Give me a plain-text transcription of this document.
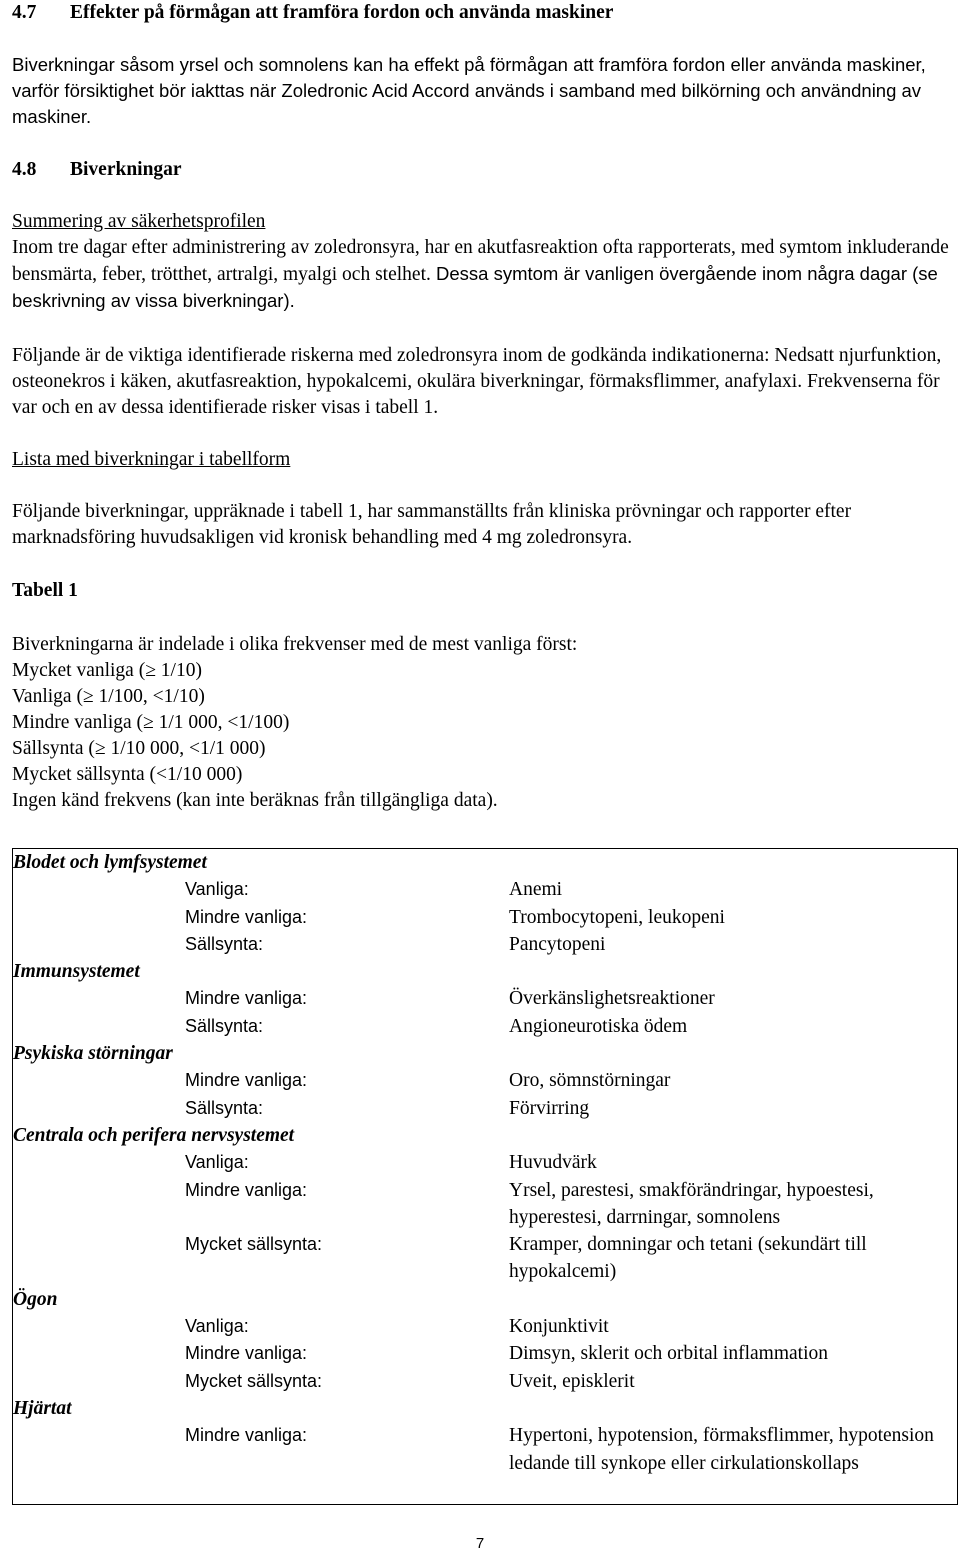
4.7 Effekter på förmågan att framföra fordon och använda maskiner

Biverkningar såsom yrsel och somnolens kan ha effekt på förmågan att framföra fordon eller använda maskiner, varför försiktighet bör iakttas när Zoledronic Acid Accord används i samband med bilkörning och användning av maskiner.

4.8 Biverkningar

Summering av säkerhetsprofilen

Inom tre dagar efter administrering av zoledronsyra, har en akutfasreaktion ofta rapporterats, med symtom inkluderande bensmärta, feber, trötthet, artralgi, myalgi och stelhet. Dessa symtom är vanligen övergående inom några dagar (se beskrivning av vissa biverkningar).

Följande är de viktiga identifierade riskerna med zoledronsyra inom de godkända indikationerna: Nedsatt njurfunktion, osteonekros i käken, akutfasreaktion, hypokalcemi, okulära biverkningar, förmaksflimmer, anafylaxi. Frekvenserna för var och en av dessa identifierade risker visas i tabell 1.

Lista med biverkningar i tabellform

Följande biverkningar, uppräknade i tabell 1, har sammanställts från kliniska prövningar och rapporter efter marknadsföring huvudsakligen vid kronisk behandling med 4 mg zoledronsyra.

Tabell 1

Biverkningarna är indelade i olika frekvenser med de mest vanliga först:

Mycket vanliga (≥ 1/10)

Vanliga (≥ 1/100, <1/10)

Mindre vanliga (≥ 1/1 000, <1/100)

Sällsynta (≥ 1/10 000, <1/1 000)

Mycket sällsynta (<1/10 000)

Ingen känd frekvens (kan inte beräknas från tillgängliga data).

Blodet och lymfsystemet		
	Vanliga:	Anemi
	Mindre vanliga:	Trombocytopeni, leukopeni
	Sällsynta:	Pancytopeni
Immunsystemet		
	Mindre vanliga:	Överkänslighetsreaktioner
	Sällsynta:	Angioneurotiska ödem
Psykiska störningar		
	Mindre vanliga:	Oro, sömnstörningar
	Sällsynta:	Förvirring
Centrala och perifera nervsystemet		
	Vanliga:	Huvudvärk
	Mindre vanliga:	Yrsel, parestesi, smakförändringar, hypoestesi, hyperestesi, darrningar, somnolens
	Mycket sällsynta:	Kramper, domningar och tetani (sekundärt till hypokalcemi)
Ögon		
	Vanliga:	Konjunktivit
	Mindre vanliga:	Dimsyn, sklerit och orbital inflammation
	Mycket sällsynta:	Uveit, episklerit
Hjärtat		
	Mindre vanliga:	Hypertoni, hypotension, förmaksflimmer, hypotension ledande till synkope eller cirkulationskollaps

7
